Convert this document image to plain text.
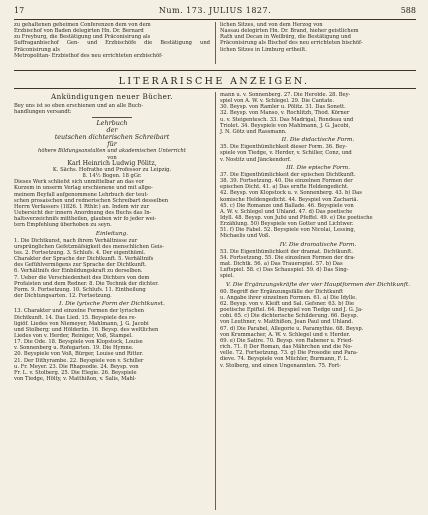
17	Num. 173. JULIUS 1827.	588

zu gehaltenen geheimen Conferenzen dem von dem

Erzbischof von Baden delegirten Hn. Dr. Bernard

zu Freyburg, die Bestätigung und Präconisirung als

Suffraganbischof Gen- und Erzbischöfe die Bestätigung und Präconisirung als

Metropolitan- Erzbisthof des neu errichteten erzbischöf-

lichen Sitzes, und von dem Herzog von

Nassau delegirten Hn. Dr. Brand, hieher geistlichem

Rath und Decan in Weilbürg, die Bestätigung und

Präconisirung als Bischof des neu errichteten bischöf-

lichen Sitzes in Limburg ertheilt.

LITERARISCHE ANZEIGEN.
Ankündigungen neuer Bücher.

Bey uns ist so eben erschienen und an alle Buch-

handlungen versandt:

Lehrbuch

der

teutschen dichterischen Schreibart

für

höhere Bildungsanstalten und akademischen Unterricht
von
Karl Heinrich Ludwig Pölitz,
K. Sächs. Hofrathe und Professor zu Leipzig.
8. 14½ Bogen. 18 gGr.

Dieses Werk schliefst sich unmittelbar an das vor

Kurzem in unserm Verlag erschienene und mit allge-

meinem Beyfall aufgenommene Lehrbuch der teut-

schen prosaischen und rednerischen Schreibart desselben

Herrn Verfassers (1826. 1 Rthlr.) an. Indem wir zur

Uebersicht der innern Anordnung des Buchs das In-

haltsverzeichnifs mittheilen, glauben wir fo jeder wei-

tern Empfehlung überhoben zu seyn.

Einleitung.

1. Die Dichtkunst, nach ihrem Verhältnisse zur

ursprünglichen Gefetzmäfsigkeit des menschlichen Geis-

tes. 2. Fortsetzung. 3. Schlufs. 4. Der eigenthüml.

Charakter der Sprache der Dichtkunft. 5. Verhältnifs

des Gefühlvermögens zur Sprache der Dichtkunft.

6. Verhältnifs der Einbildungskraft zu derselben.

7. Ueber die Verschiedenheit des Dichters von dem

Profaisten und dem Redner. 8. Die Technik der dichter.

Form. 9. Fortsetzung. 10. Schlufs. 11. Eintheilung

der Dichtungsarten. 12. Fortsetzung.

I. Die lyrische Form der Dichtkunst.

13. Charakter und einzelne Formen der lyrischen

Dichtkunft. 14. Das Lied. 15. Beyspiele des re-

ligiöf. Liedes von Niemeyer, Mahlmann, J. G. Jacobi

und Stolberg; und Hölderlin. 16. Beysp. des weltlichen

Liedes von v. Herder, Reiniger, Voß, Stampel.

17. Die Ode. 18. Beyspiele von Klopstock, Louise

v. Sonnenberg u. Rofegarten. 19. Die Hymne.

20. Beyspiele von Voß, Bürger, Louise und Ritter.

21. Der Dithyrambe. 22. Beyspiele von v. Schiller

u. Fr. Meyer. 23. Die Rhapsodie. 24. Beysp. von

Fr. L. v. Stolberg. 25. Die Elegie. 26. Beyspiele

von Tiedge, Hölty, v. Matthißon, v. Salis, Mahl-

mann u. v. Sonnenberg. 27. Die Heroïde. 28. Bey-

spiel von A. W. v. Schlegel. 29. Die Cantate.

30. Beysp. von Ramler u. Pölitz. 31. Das Sonett.

32. Beysp. von Manso, v. Rochlitzh, Thod. Körner

u. v. Steigentesch. 33. Das Madrigal, Rondeau und

Triolet. 34. Beyspiele von Mahlmann, J. G. Jacobi,

J. N. Götz und Rassmann.

II. Die didactische Form.

35. Die Eigenthümlichkeit dieser Form. 36. Bey-

spiele von Tiedge, v. Herder, v. Schiller, Conz, und

v. Nostitz und Jänckendorf.

III. Die epische Form.

37. Die Eigenthümlichkeit der epischen Dichtkunft.

38. 39. Fortsetzung. 40. Die einzelnen Formen der

epischen Dicht. 41. a) Das ernfte Heldengedicht.

42. Beysp. von Klopstock u. v. Sonnenberg. 43. b) Das

komische Heldengedicht. 44. Beyspiel von Zachariä.

45. c) Die Romanze und Ballade. 46. Beyspiele von

A. W. v. Schlegel und Uhland. 47. d) Das poetische

Idyll. 48. Beysp. von Jufsi und Pfeffel. 49. e) Die poetische

Erzählung. 50) Beyspiele von Gotter und Lichtwer.

51. f) Die Fabel. 52. Beyspiele von Nicolai, Lessing,

Michaelis und Voß.

IV. Die dramatische Form.

53. Die Eigenthümlichkeit der dramat. Dichtkunft.

54. Fortsetzung. 55. Die einzelnen Formen der dra-

mat. Dichtk. 56. a) Das Trauerspiel. 57. b) Das

Luftspiel. 58. c) Das Schauspiel. 59. d) Das Sing-

spiel.

V. Die Ergänzungskräfte der vier Hauptformen der Dichtkunft.

60. Begriff der Ergänzungsfälle der Dichtkunft

u. Angabe ihrer einzelnen Formen. 61. a) Die Idylle.

62. Beysp. von v. Kleift und Sal. Gefsner. 63. b) Die

poetische Epiftel. 64. Beyspiel von Tiedge und J. G. Ja-

cobi. 65. c) Die dichterische Schilderung. 66. Beysp.

von Leuthner, v. Matthißon, Jean Paul und Uhland.

67. d) Die Parabel, Allegorie u. Paramythie. 68. Beysp.

von Krummacher, A. W. v. Schlegel und v. Herder.

69. e) Die Satire. 70. Beysp. von Rabener u. Fried-

rich. 71. f) Der Roman, das Mährchen und die No-

velle. 72. Fortsetzung. 73. g) Die Prosodie und Para-

dieve. 74. Beyspiele von Müchler, Burmann, F. L.

v. Stolberg, und einen Ungenannten. 75. Fort-
